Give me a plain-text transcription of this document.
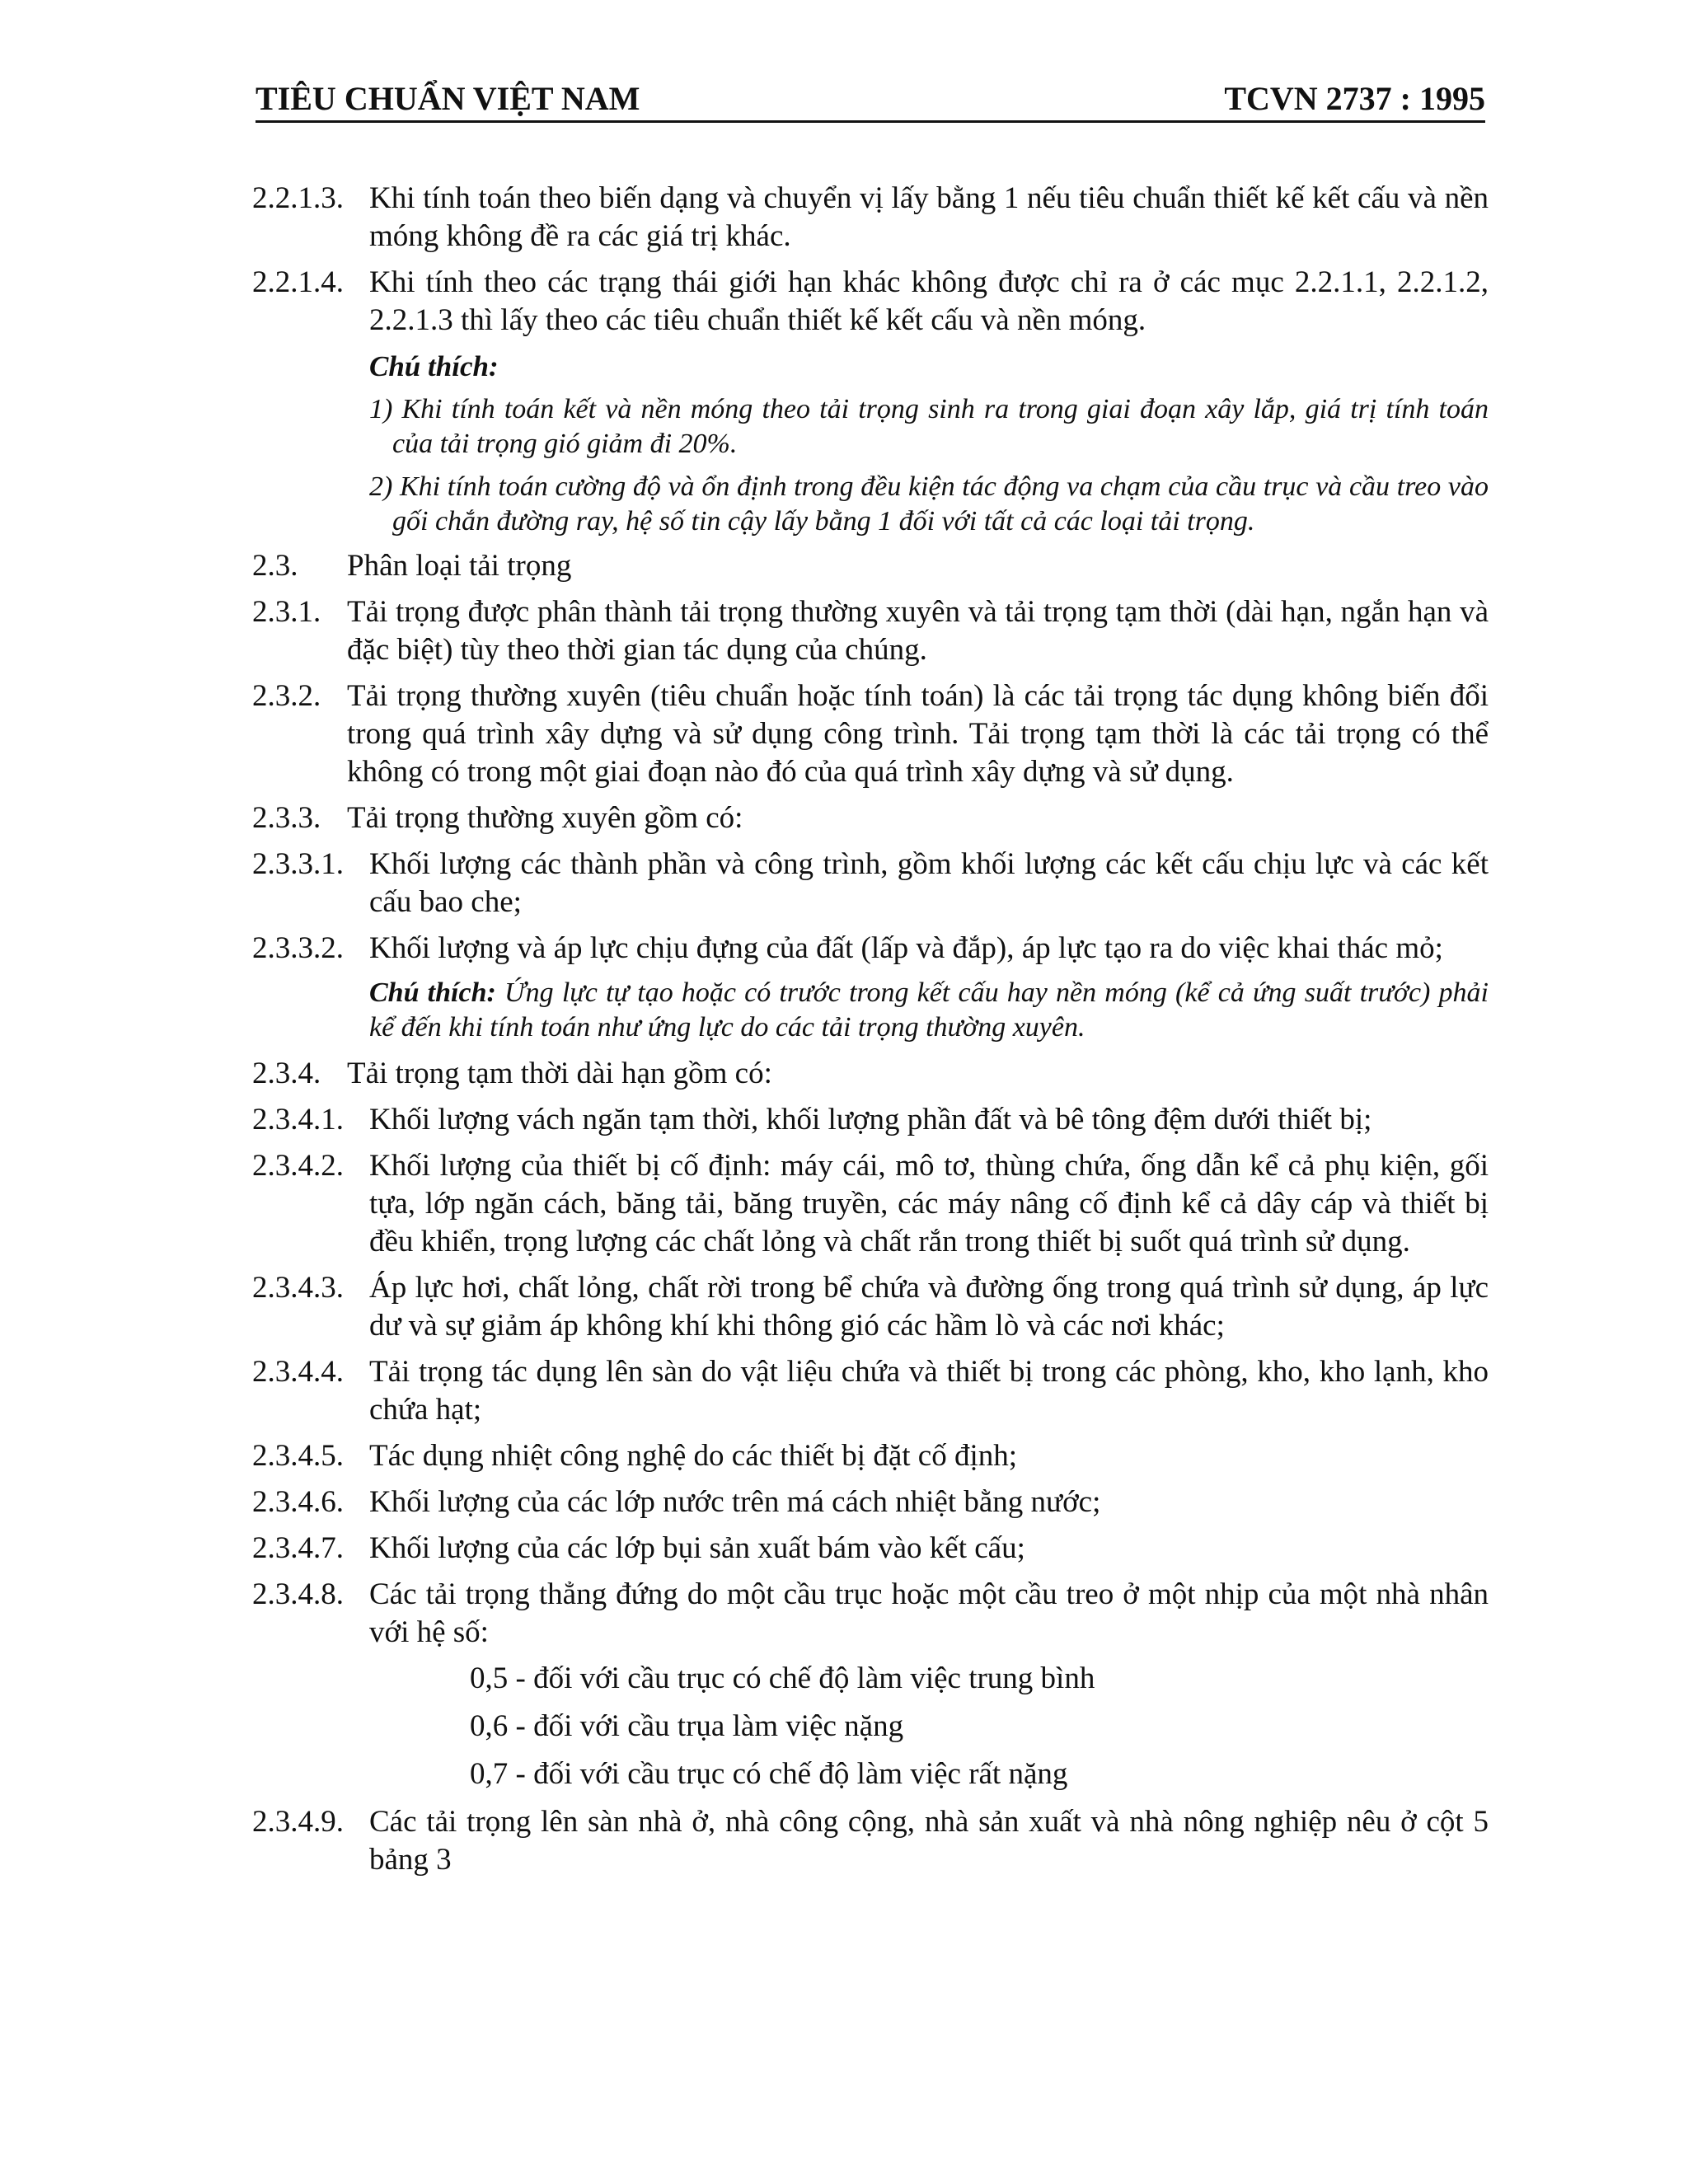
TIÊU CHUẨN VIỆT NAM	TCVN 2737 : 1995
2.2.1.3. Khi tính toán theo biến dạng và chuyển vị lấy bằng 1 nếu tiêu chuẩn thiết kế kết cấu và nền móng không đề ra các giá trị khác.
2.2.1.4. Khi tính theo các trạng thái giới hạn khác không được chỉ ra ở các mục 2.2.1.1, 2.2.1.2, 2.2.1.3 thì lấy theo các tiêu chuẩn thiết kế kết cấu và nền móng.
Chú thích:
1) Khi tính toán kết và nền móng theo tải trọng sinh ra trong giai đoạn xây lắp, giá trị tính toán của tải trọng gió giảm đi 20%.
2) Khi tính toán cường độ và ổn định trong đều kiện tác động va chạm của cầu trục và cầu treo vào gối chắn đường ray, hệ số tin cậy lấy bằng 1 đối với tất cả các loại tải trọng.
2.3.	Phân loại tải trọng
2.3.1. Tải trọng được phân thành tải trọng thường xuyên và tải trọng tạm thời (dài hạn, ngắn hạn và đặc biệt) tùy theo thời gian tác dụng của chúng.
2.3.2. Tải trọng thường xuyên (tiêu chuẩn hoặc tính toán) là các tải trọng tác dụng không biến đổi trong quá trình xây dựng và sử dụng công trình. Tải trọng tạm thời là các tải trọng có thể không có trong một giai đoạn nào đó của quá trình xây dựng và sử dụng.
2.3.3. Tải trọng thường xuyên gồm có:
2.3.3.1. Khối lượng các thành phần và công trình, gồm khối lượng các kết cấu chịu lực và các kết cấu bao che;
2.3.3.2. Khối lượng và áp lực chịu đựng của đất (lấp và đắp), áp lực tạo ra do việc khai thác mỏ;
Chú thích: Ứng lực tự tạo hoặc có trước trong kết cấu hay nền móng (kể cả ứng suất trước) phải kể đến khi tính toán như ứng lực do các tải trọng thường xuyên.
2.3.4. Tải trọng tạm thời dài hạn gồm có:
2.3.4.1. Khối lượng vách ngăn tạm thời, khối lượng phần đất và bê tông đệm dưới thiết bị;
2.3.4.2. Khối lượng của thiết bị cố định: máy cái, mô tơ, thùng chứa, ống dẫn kể cả phụ kiện, gối tựa, lớp ngăn cách, băng tải, băng truyền, các máy nâng cố định kể cả dây cáp và thiết bị đều khiển, trọng lượng các chất lỏng và chất rắn trong thiết bị suốt quá trình sử dụng.
2.3.4.3. Áp lực hơi, chất lỏng, chất rời trong bể chứa và đường ống trong quá trình sử dụng, áp lực dư và sự giảm áp không khí khi thông gió các hầm lò và các nơi khác;
2.3.4.4. Tải trọng tác dụng lên sàn do vật liệu chứa và thiết bị trong các phòng, kho, kho lạnh, kho chứa hạt;
2.3.4.5. Tác dụng nhiệt công nghệ do các thiết bị đặt cố định;
2.3.4.6. Khối lượng của các lớp nước trên má cách nhiệt bằng nước;
2.3.4.7. Khối lượng của các lớp bụi sản xuất bám vào kết cấu;
2.3.4.8. Các tải trọng thẳng đứng do một cầu trục hoặc một cầu treo ở một nhịp của một nhà nhân với hệ số:
0,5 - đối với cầu trục có chế độ làm việc trung bình
0,6 - đối với cầu trụa làm việc nặng
0,7 - đối với cầu trục có chế độ làm việc rất nặng
2.3.4.9. Các tải trọng lên sàn nhà ở, nhà công cộng, nhà sản xuất và nhà nông nghiệp nêu ở cột 5 bảng 3
